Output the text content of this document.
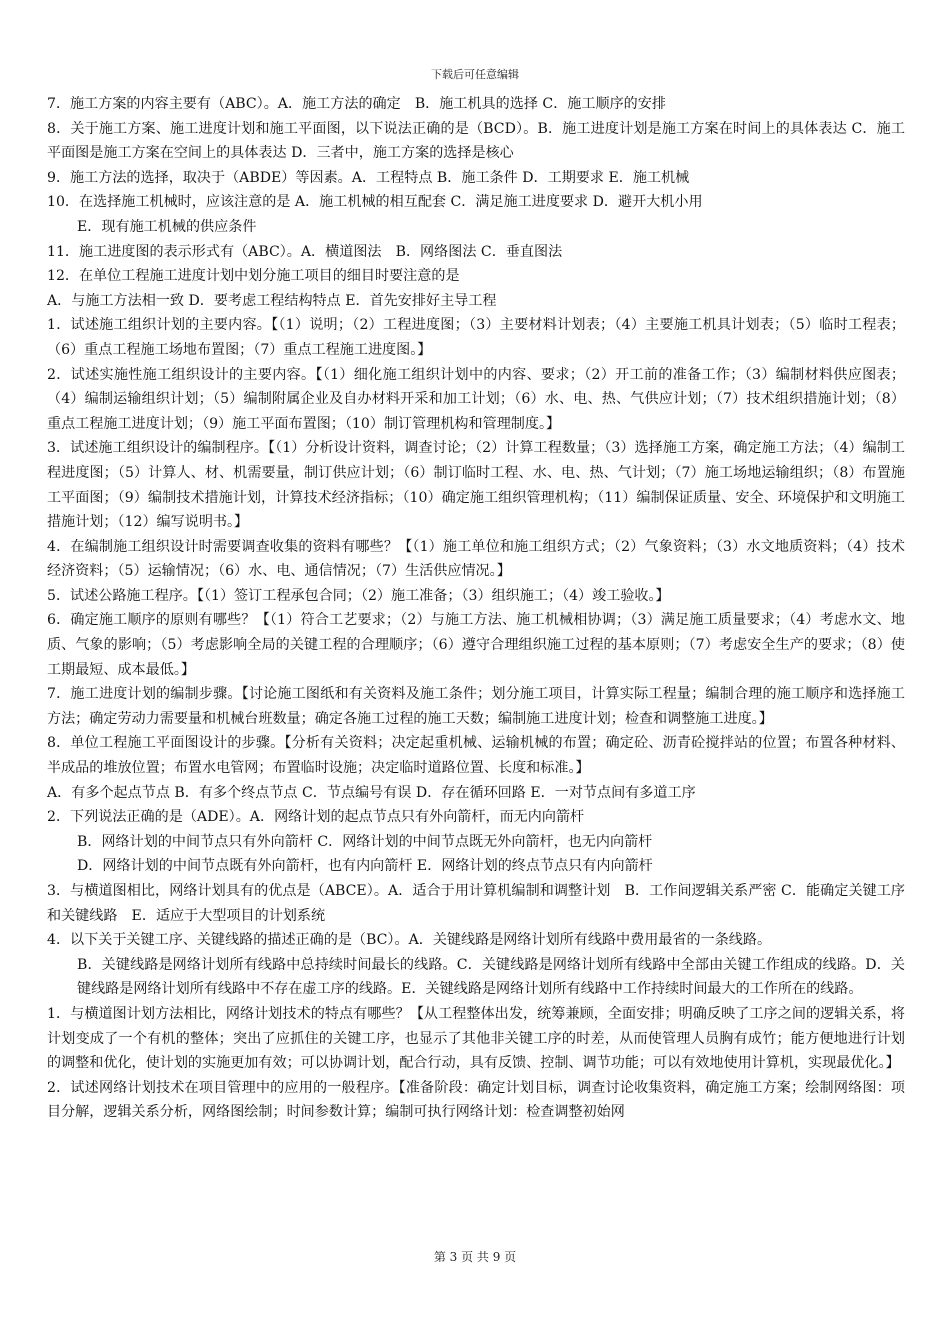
下载后可任意编辑

7．施工方案的内容主要有（ABC）。A．施工方法的确定　B．施工机具的选择 C．施工顺序的安排

8．关于施工方案、施工进度计划和施工平面图，以下说法正确的是（BCD）。B．施工进度计划是施工方案在时间上的具体表达 C．施工平面图是施工方案在空间上的具体表达 D．三者中，施工方案的选择是核心

9．施工方法的选择，取决于（ABDE）等因素。A．工程特点 B．施工条件 D．工期要求 E．施工机械

10．在选择施工机械时，应该注意的是 A．施工机械的相互配套 C．满足施工进度要求 D．避开大机小用

E．现有施工机械的供应条件

11．施工进度图的表示形式有（ABC）。A．横道图法　B．网络图法 C．垂直图法

12．在单位工程施工进度计划中划分施工项目的细目时要注意的是

A．与施工方法相一致 D．要考虑工程结构特点 E．首先安排好主导工程

1．试述施工组织计划的主要内容。【（1）说明；（2）工程进度图；（3）主要材料计划表；（4）主要施工机具计划表；（5）临时工程表；（6）重点工程施工场地布置图；（7）重点工程施工进度图。】

2．试述实施性施工组织设计的主要内容。【（1）细化施工组织计划中的内容、要求；（2）开工前的准备工作；（3）编制材料供应图表；（4）编制运输组织计划；（5）编制附属企业及自办材料开采和加工计划；（6）水、电、热、气供应计划；（7）技术组织措施计划；（8）重点工程施工进度计划；（9）施工平面布置图；（10）制订管理机构和管理制度。】

3．试述施工组织设计的编制程序。【（1）分析设计资料，调查讨论；（2）计算工程数量；（3）选择施工方案，确定施工方法；（4）编制工程进度图；（5）计算人、材、机需要量，制订供应计划；（6）制订临时工程、水、电、热、气计划；（7）施工场地运输组织；（8）布置施工平面图；（9）编制技术措施计划，计算技术经济指标；（10）确定施工组织管理机构；（11）编制保证质量、安全、环境保护和文明施工措施计划；（12）编写说明书。】

4．在编制施工组织设计时需要调查收集的资料有哪些？【（1）施工单位和施工组织方式；（2）气象资料；（3）水文地质资料；（4）技术经济资料；（5）运输情况；（6）水、电、通信情况；（7）生活供应情况。】

5．试述公路施工程序。【（1）签订工程承包合同；（2）施工准备；（3）组织施工；（4）竣工验收。】

6．确定施工顺序的原则有哪些？【（1）符合工艺要求；（2）与施工方法、施工机械相协调；（3）满足施工质量要求；（4）考虑水文、地质、气象的影响；（5）考虑影响全局的关键工程的合理顺序；（6）遵守合理组织施工过程的基本原则；（7）考虑安全生产的要求；（8）使工期最短、成本最低。】

7．施工进度计划的编制步骤。【讨论施工图纸和有关资料及施工条件；划分施工项目，计算实际工程量；编制合理的施工顺序和选择施工方法；确定劳动力需要量和机械台班数量；确定各施工过程的施工天数；编制施工进度计划；检查和调整施工进度。】

8．单位工程施工平面图设计的步骤。【分析有关资料；决定起重机械、运输机械的布置；确定砼、沥青砼搅拌站的位置；布置各种材料、半成品的堆放位置；布置水电管网；布置临时设施；决定临时道路位置、长度和标准。】

A．有多个起点节点 B．有多个终点节点 C．节点编号有误 D．存在循环回路 E．一对节点间有多道工序

2．下列说法正确的是（ADE）。A．网络计划的起点节点只有外向箭杆，而无内向箭杆

B．网络计划的中间节点只有外向箭杆 C．网络计划的中间节点既无外向箭杆，也无内向箭杆

D．网络计划的中间节点既有外向箭杆，也有内向箭杆 E．网络计划的终点节点只有内向箭杆

3．与横道图相比，网络计划具有的优点是（ABCE）。A．适合于用计算机编制和调整计划　B．工作间逻辑关系严密 C．能确定关键工序和关键线路　E．适应于大型项目的计划系统

4．以下关于关键工序、关键线路的描述正确的是（BC）。A．关键线路是网络计划所有线路中费用最省的一条线路。

B．关键线路是网络计划所有线路中总持续时间最长的线路。C．关键线路是网络计划所有线路中全部由关键工作组成的线路。D．关键线路是网络计划所有线路中不存在虚工序的线路。E．关键线路是网络计划所有线路中工作持续时间最大的工作所在的线路。

1．与横道图计划方法相比，网络计划技术的特点有哪些？【从工程整体出发，统筹兼顾，全面安排；明确反映了工序之间的逻辑关系，将计划变成了一个有机的整体；突出了应抓住的关键工序，也显示了其他非关键工序的时差，从而使管理人员胸有成竹；能方便地进行计划的调整和优化，使计划的实施更加有效；可以协调计划，配合行动，具有反馈、控制、调节功能；可以有效地使用计算机，实现最优化。】

2．试述网络计划技术在项目管理中的应用的一般程序。【准备阶段：确定计划目标，调查讨论收集资料，确定施工方案；绘制网络图：项目分解，逻辑关系分析，网络图绘制；时间参数计算；编制可执行网络计划：检查调整初始网

第 3 页 共 9 页
